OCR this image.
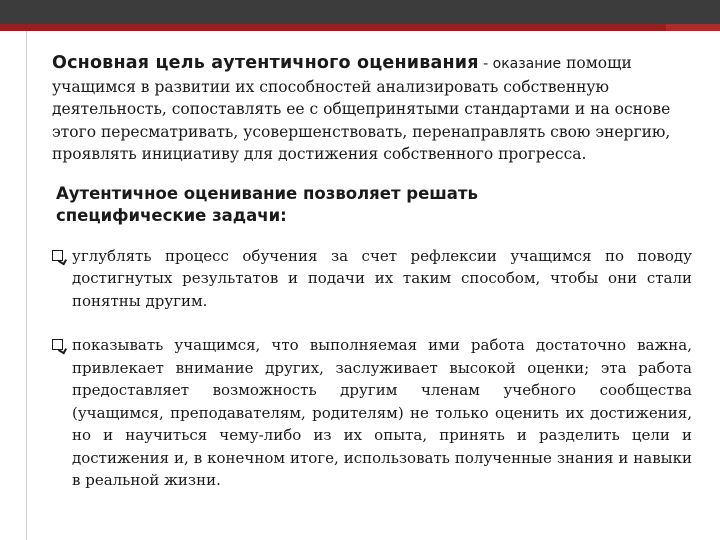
Основная цель аутентичного оценивания - оказание помощи учащимся в развитии их способностей анализировать собственную деятельность, сопоставлять ее с общепринятыми стандартами и на основе этого пересматривать, усовершенствовать, перенаправлять свою энергию, проявлять инициативу для достижения собственного прогресса.

Аутентичное оценивание позволяет решать специфические задачи:
углублять процесс обучения за счет рефлексии учащимся по поводу достигнутых результатов и подачи их таким способом, чтобы они стали понятны другим.
показывать учащимся, что выполняемая ими работа достаточно важна, привлекает внимание других, заслуживает высокой оценки; эта работа предоставляет возможность другим членам учебного сообщества (учащимся, преподавателям, родителям) не только оценить их достижения, но и научиться чему-либо из их опыта, принять и разделить цели и достижения и, в конечном итоге, использовать полученные знания и навыки в реальной жизни.
